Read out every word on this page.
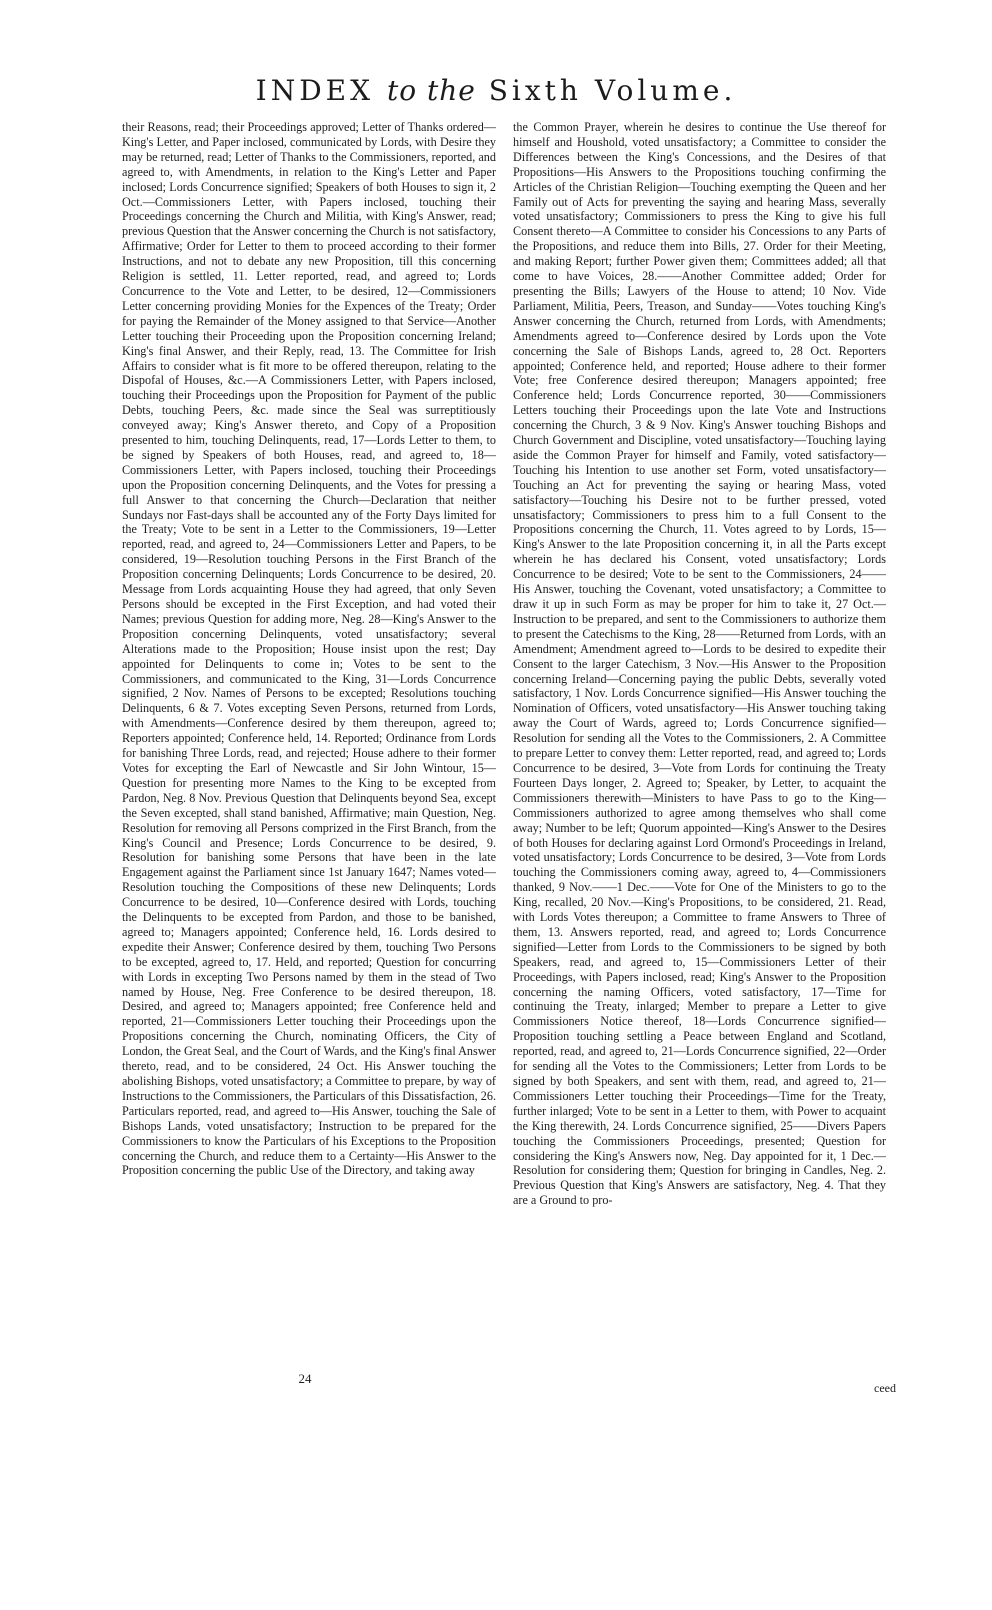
INDEX to the Sixth Volume.

their Reasons, read; their Proceedings approved; Letter of Thanks ordered—King's Letter, and Paper inclosed, communicated by Lords, with Desire they may be returned, read; Letter of Thanks to the Commissioners, reported, and agreed to, with Amendments, in relation to the King's Letter and Paper inclosed; Lords Concurrence signified; Speakers of both Houses to sign it, 2 Oct.—Commissioners Letter, with Papers inclosed, touching their Proceedings concerning the Church and Militia, with King's Answer, read; previous Question that the Answer concerning the Church is not satisfactory, Affirmative; Order for Letter to them to proceed according to their former Instructions, and not to debate any new Proposition, till this concerning Religion is settled, 11. Letter reported, read, and agreed to; Lords Concurrence to the Vote and Letter, to be desired, 12—Commissioners Letter concerning providing Monies for the Expences of the Treaty; Order for paying the Remainder of the Money assigned to that Service—Another Letter touching their Proceeding upon the Proposition concerning Ireland; King's final Answer, and their Reply, read, 13. The Committee for Irish Affairs to consider what is fit more to be offered thereupon, relating to the Dispofal of Houses, &c.—A Commissioners Letter, with Papers inclosed, touching their Proceedings upon the Proposition for Payment of the public Debts, touching Peers, &c. made since the Seal was surreptitiously conveyed away; King's Answer thereto, and Copy of a Proposition presented to him, touching Delinquents, read, 17—Lords Letter to them, to be signed by Speakers of both Houses, read, and agreed to, 18—Commissioners Letter, with Papers inclosed, touching their Proceedings upon the Proposition concerning Delinquents, and the Votes for pressing a full Answer to that concerning the Church—Declaration that neither Sundays nor Fast-days shall be accounted any of the Forty Days limited for the Treaty; Vote to be sent in a Letter to the Commissioners, 19—Letter reported, read, and agreed to, 24—Commissioners Letter and Papers, to be considered, 19—Resolution touching Persons in the First Branch of the Proposition concerning Delinquents; Lords Concurrence to be desired, 20. Message from Lords acquainting House they had agreed, that only Seven Persons should be excepted in the First Exception, and had voted their Names; previous Question for adding more, Neg. 28—King's Answer to the Proposition concerning Delinquents, voted unsatisfactory; several Alterations made to the Proposition; House insist upon the rest; Day appointed for Delinquents to come in; Votes to be sent to the Commissioners, and communicated to the King, 31—Lords Concurrence signified, 2 Nov. Names of Persons to be excepted; Resolutions touching Delinquents, 6 & 7. Votes excepting Seven Persons, returned from Lords, with Amendments—Conference desired by them thereupon, agreed to; Reporters appointed; Conference held, 14. Reported; Ordinance from Lords for banishing Three Lords, read, and rejected; House adhere to their former Votes for excepting the Earl of Newcastle and Sir John Wintour, 15—Question for presenting more Names to the King to be excepted from Pardon, Neg. 8 Nov. Previous Question that Delinquents beyond Sea, except the Seven excepted, shall stand banished, Affirmative; main Question, Neg. Resolution for removing all Persons comprized in the First Branch, from the King's Council and Presence; Lords Concurrence to be desired, 9. Resolution for banishing some Persons that have been in the late Engagement against the Parliament since 1st January 1647; Names voted—Resolution touching the Compositions of these new Delinquents; Lords Concurrence to be desired, 10—Conference desired with Lords, touching the Delinquents to be excepted from Pardon, and those to be banished, agreed to; Managers appointed; Conference held, 16. Lords desired to expedite their Answer; Conference desired by them, touching Two Persons to be excepted, agreed to, 17. Held, and reported; Question for concurring with Lords in excepting Two Persons named by them in the stead of Two named by House, Neg. Free Conference to be desired thereupon, 18. Desired, and agreed to; Managers appointed; free Conference held and reported, 21—Commissioners Letter touching their Proceedings upon the Propositions concerning the Church, nominating Officers, the City of London, the Great Seal, and the Court of Wards, and the King's final Answer thereto, read, and to be considered, 24 Oct. His Answer touching the abolishing Bishops, voted unsatisfactory; a Committee to prepare, by way of Instructions to the Commissioners, the Particulars of this Dissatisfaction, 26. Particulars reported, read, and agreed to—His Answer, touching the Sale of Bishops Lands, voted unsatisfactory; Instruction to be prepared for the Commissioners to know the Particulars of his Exceptions to the Proposition concerning the Church, and reduce them to a Certainty—His Answer to the Proposition concerning the public Use of the Directory, and taking away

the Common Prayer, wherein he desires to continue the Use thereof for himself and Houshold, voted unsatisfactory; a Committee to consider the Differences between the King's Concessions, and the Desires of that Propositions—His Answers to the Propositions touching confirming the Articles of the Christian Religion—Touching exempting the Queen and her Family out of Acts for preventing the saying and hearing Mass, severally voted unsatisfactory; Commissioners to press the King to give his full Consent thereto—A Committee to consider his Concessions to any Parts of the Propositions, and reduce them into Bills, 27. Order for their Meeting, and making Report; further Power given them; Committees added; all that come to have Voices, 28.——Another Committee added; Order for presenting the Bills; Lawyers of the House to attend; 10 Nov. Vide Parliament, Militia, Peers, Treason, and Sunday——Votes touching King's Answer concerning the Church, returned from Lords, with Amendments; Amendments agreed to—Conference desired by Lords upon the Vote concerning the Sale of Bishops Lands, agreed to, 28 Oct. Reporters appointed; Conference held, and reported; House adhere to their former Vote; free Conference desired thereupon; Managers appointed; free Conference held; Lords Concurrence reported, 30——Commissioners Letters touching their Proceedings upon the late Vote and Instructions concerning the Church, 3 & 9 Nov. King's Answer touching Bishops and Church Government and Discipline, voted unsatisfactory—Touching laying aside the Common Prayer for himself and Family, voted satisfactory—Touching his Intention to use another set Form, voted unsatisfactory—Touching an Act for preventing the saying or hearing Mass, voted satisfactory—Touching his Desire not to be further pressed, voted unsatisfactory; Commissioners to press him to a full Consent to the Propositions concerning the Church, 11. Votes agreed to by Lords, 15—King's Answer to the late Proposition concerning it, in all the Parts except wherein he has declared his Consent, voted unsatisfactory; Lords Concurrence to be desired; Vote to be sent to the Commissioners, 24——His Answer, touching the Covenant, voted unsatisfactory; a Committee to draw it up in such Form as may be proper for him to take it, 27 Oct.—Instruction to be prepared, and sent to the Commissioners to authorize them to present the Catechisms to the King, 28——Returned from Lords, with an Amendment; Amendment agreed to—Lords to be desired to expedite their Consent to the larger Catechism, 3 Nov.—His Answer to the Proposition concerning Ireland—Concerning paying the public Debts, severally voted satisfactory, 1 Nov. Lords Concurrence signified—His Answer touching the Nomination of Officers, voted unsatisfactory—His Answer touching taking away the Court of Wards, agreed to; Lords Concurrence signified—Resolution for sending all the Votes to the Commissioners, 2. A Committee to prepare Letter to convey them: Letter reported, read, and agreed to; Lords Concurrence to be desired, 3—Vote from Lords for continuing the Treaty Fourteen Days longer, 2. Agreed to; Speaker, by Letter, to acquaint the Commissioners therewith—Ministers to have Pass to go to the King—Commissioners authorized to agree among themselves who shall come away; Number to be left; Quorum appointed—King's Answer to the Desires of both Houses for declaring against Lord Ormond's Proceedings in Ireland, voted unsatisfactory; Lords Concurrence to be desired, 3—Vote from Lords touching the Commissioners coming away, agreed to, 4—Commissioners thanked, 9 Nov.——1 Dec.——Vote for One of the Ministers to go to the King, recalled, 20 Nov.—King's Propositions, to be considered, 21. Read, with Lords Votes thereupon; a Committee to frame Answers to Three of them, 13. Answers reported, read, and agreed to; Lords Concurrence signified—Letter from Lords to the Commissioners to be signed by both Speakers, read, and agreed to, 15—Commissioners Letter of their Proceedings, with Papers inclosed, read; King's Answer to the Proposition concerning the naming Officers, voted satisfactory, 17—Time for continuing the Treaty, inlarged; Member to prepare a Letter to give Commissioners Notice thereof, 18—Lords Concurrence signified—Proposition touching settling a Peace between England and Scotland, reported, read, and agreed to, 21—Lords Concurrence signified, 22—Order for sending all the Votes to the Commissioners; Letter from Lords to be signed by both Speakers, and sent with them, read, and agreed to, 21—Commissioners Letter touching their Proceedings—Time for the Treaty, further inlarged; Vote to be sent in a Letter to them, with Power to acquaint the King therewith, 24. Lords Concurrence signified, 25——Divers Papers touching the Commissioners Proceedings, presented; Question for considering the King's Answers now, Neg. Day appointed for it, 1 Dec.—Resolution for considering them; Question for bringing in Candles, Neg. 2. Previous Question that King's Answers are satisfactory, Neg. 4. That they are a Ground to pro-

24
ceed
